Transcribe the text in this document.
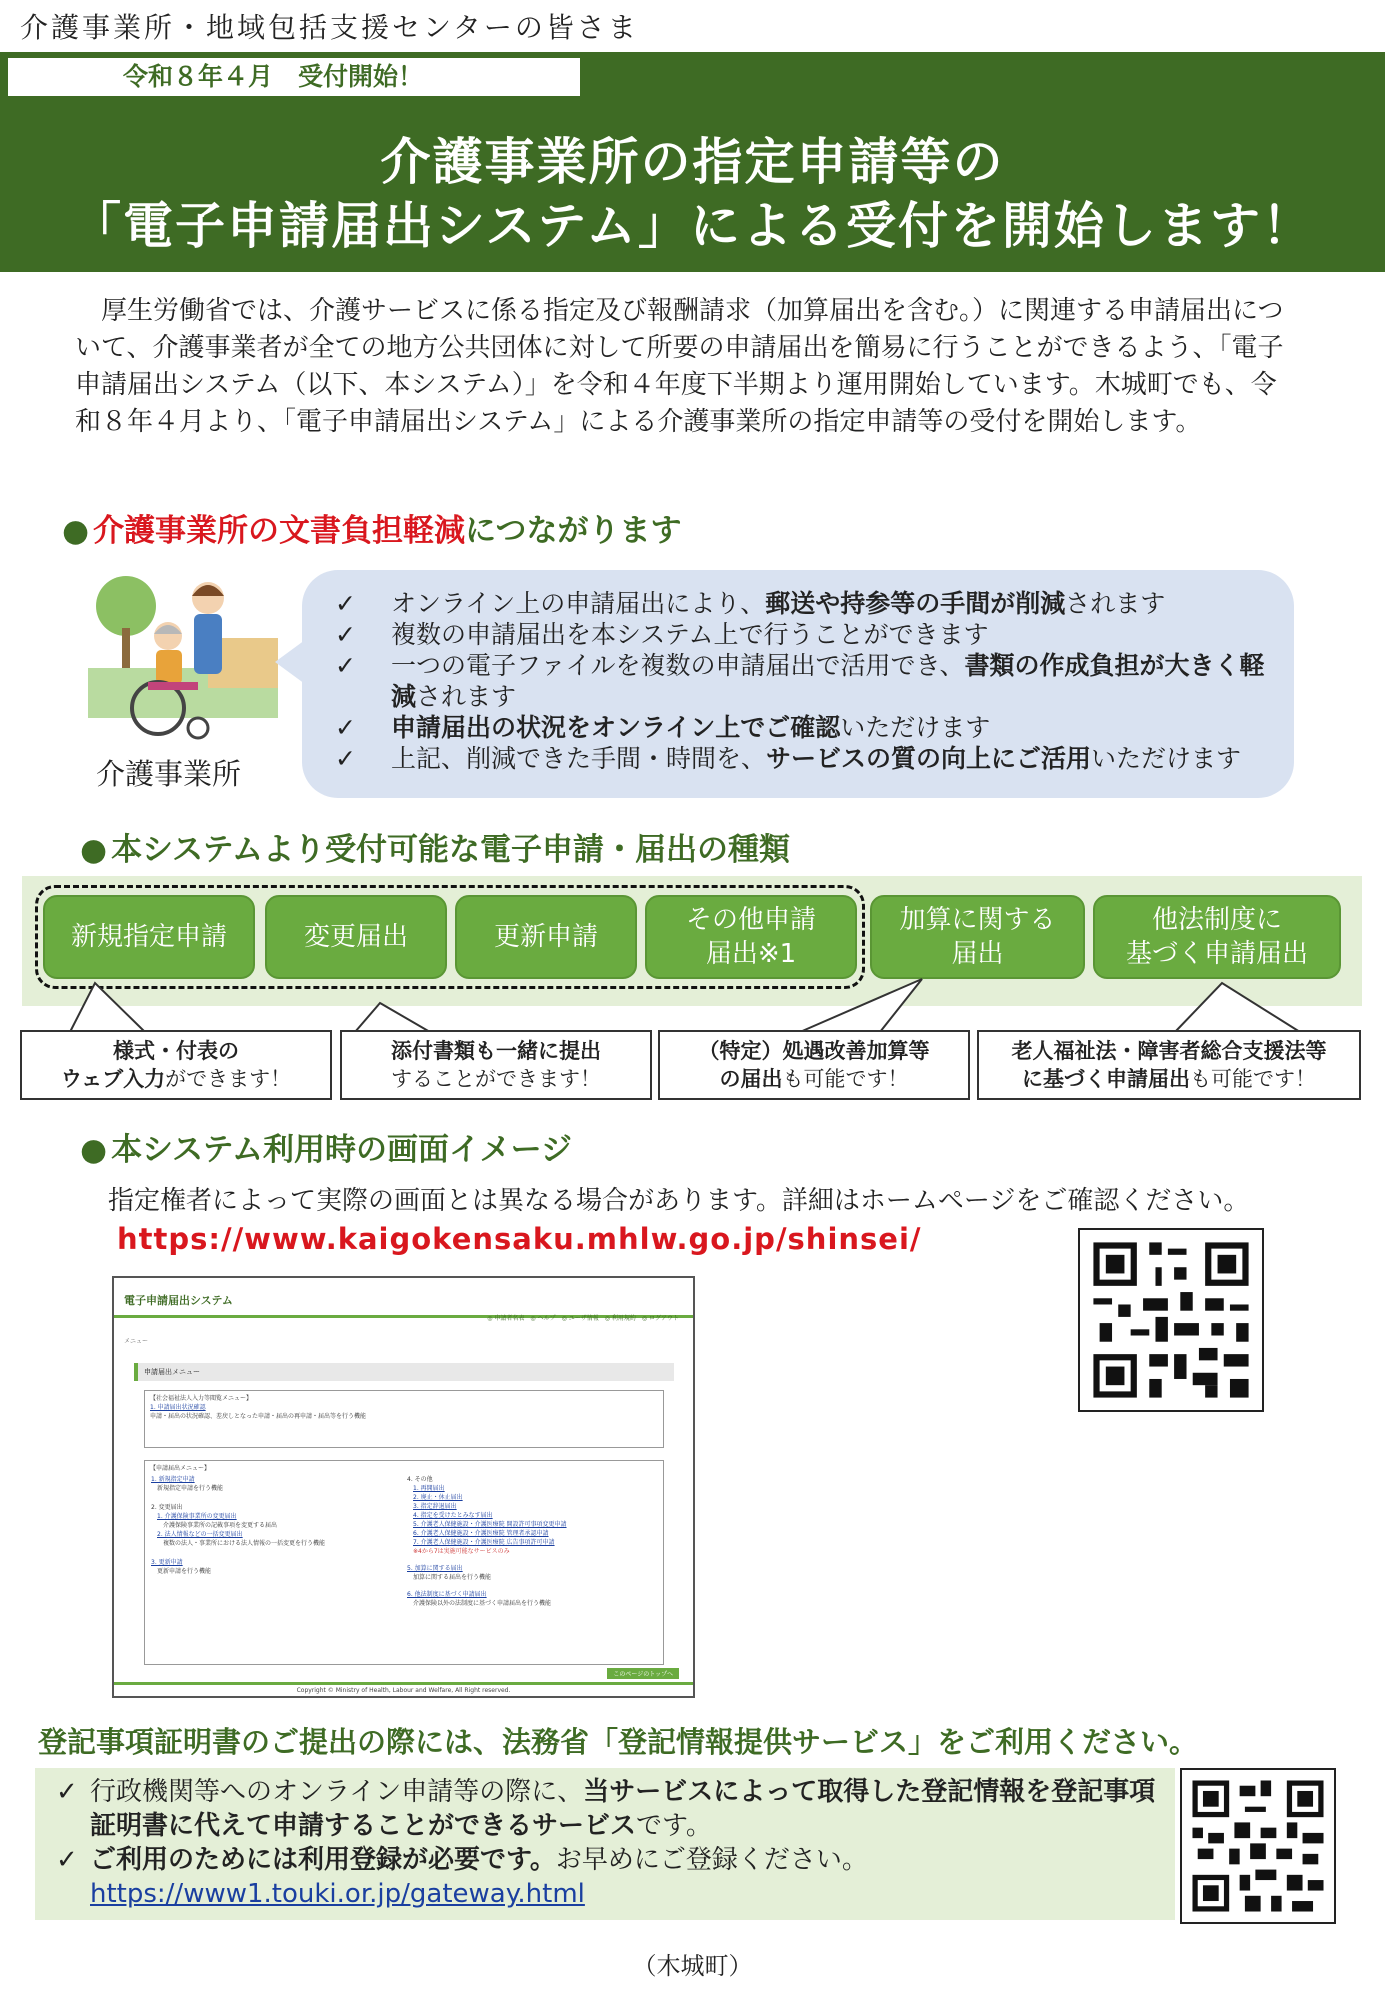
介護事業所・地域包括支援センターの皆さま
令和８年４月　受付開始！
介護事業所の指定申請等の
「電子申請届出システム」による受付を開始します！

厚生労働省では、介護サービスに係る指定及び報酬請求（加算届出を含む。）に関連する申請届出について、介護事業者が全ての地方公共団体に対して所要の申請届出を簡易に行うことができるよう、「電子申請届出システム（以下、本システム）」を令和４年度下半期より運用開始しています。木城町でも、令和８年４月より、「電子申請届出システム」による介護事業所の指定申請等の受付を開始します。

● 介護事業所の文書負担軽減につながります
介護事業所
✓ オンライン上の申請届出により、郵送や持参等の手間が削減されます
✓ 複数の申請届出を本システム上で行うことができます
✓ 一つの電子ファイルを複数の申請届出で活用でき、書類の作成負担が大きく軽減されます
✓ 申請届出の状況をオンライン上でご確認いただけます
✓ 上記、削減できた手間・時間を、サービスの質の向上にご活用いただけます
● 本システムより受付可能な電子申請・届出の種類
新規指定申請	変更届出	更新申請
その他申請
届出※1
加算に関する
届出
他法制度に
基づく申請届出
様式・付表の
ウェブ入力ができます！
添付書類も一緒に提出
することができます！
（特定）処遇改善加算等
の届出も可能です！
老人福祉法・障害者総合支援法等
に基づく申請届出も可能です！
● 本システム利用時の画面イメージ
指定権者によって実際の画面とは異なる場合があります。詳細はホームページをご確認ください。
https://www.kaigokensaku.mhlw.go.jp/shinsei/
電子申請届出システム
◎ 申請者名表　◎ ヘルプ　◎ ユーザ情報　◎ 利用規約　◎ ログアウト
メニュー
申請届出メニュー
【社会福祉法人入力等閲覧メニュー】
1. 申請届出状況確認
申請・届出の状況確認、差戻しとなった申請・届出の再申請・届出等を行う機能
【申請届出メニュー】
1. 新規指定申請
新規指定申請を行う機能
2. 変更届出
1. 介護保険事業所の変更届出
介護保険事業所の記載事項を変更する届出
2. 法人情報などの一括変更届出
複数の法人・事業所における法人情報の一括変更を行う機能
3. 更新申請
更新申請を行う機能
4. その他
1. 再開届出
2. 廃止・休止届出
3. 指定辞退届出
4. 指定を受けたとみなす届出
5. 介護老人保健施設・介護医療院 開設許可事項変更申請
6. 介護老人保健施設・介護医療院 管理者承認申請
7. 介護老人保健施設・介護医療院 広告事項許可申請
※4から7は実施可能なサービスのみ
5. 加算に関する届出
加算に関する届出を行う機能
6. 他法制度に基づく申請届出
介護保険以外の法制度に基づく申請届出を行う機能
このページのトップへ
Copyright © Ministry of Health, Labour and Welfare, All Right reserved.
登記事項証明書のご提出の際には、法務省「登記情報提供サービス」をご利用ください。
✓ 行政機関等へのオンライン申請等の際に、当サービスによって取得した登記情報を登記事項証明書に代えて申請することができるサービスです。
✓ ご利用のためには利用登録が必要です。お早めにご登録ください。
https://www1.touki.or.jp/gateway.html
（木城町）
